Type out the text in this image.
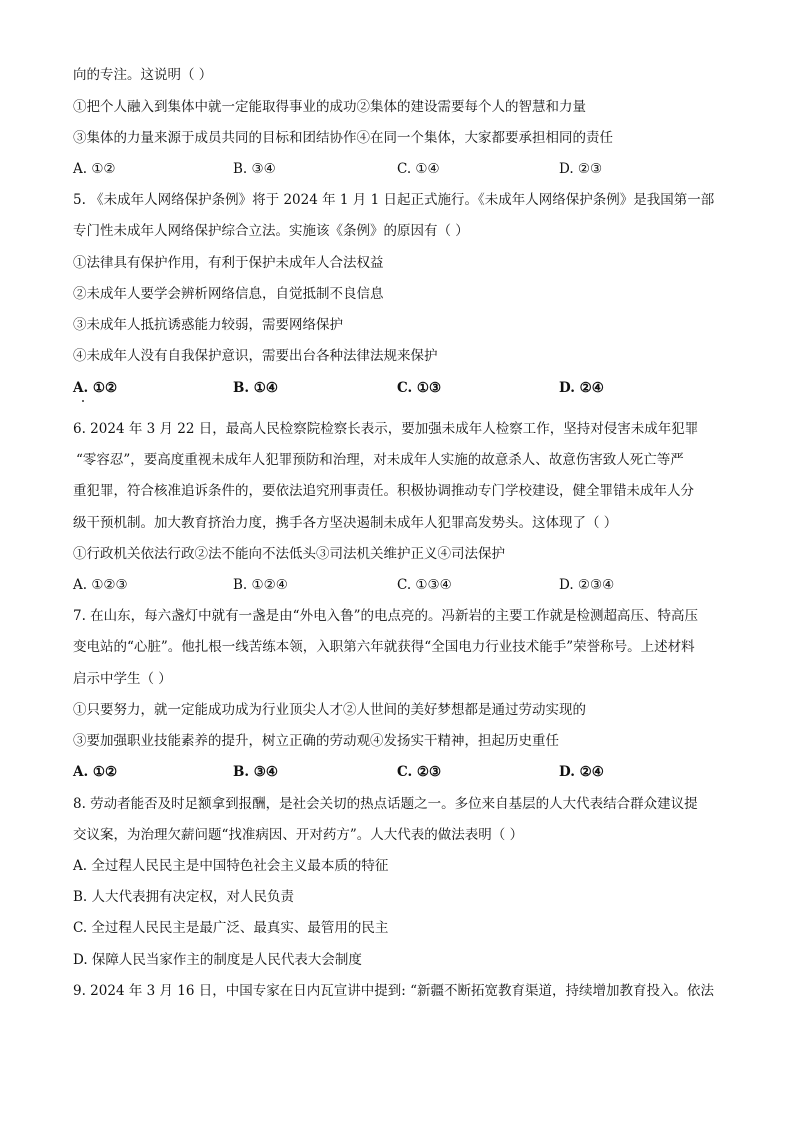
向的专注。这说明（ ）
①把个人融入到集体中就一定能取得事业的成功②集体的建设需要每个人的智慧和力量
③集体的力量来源于成员共同的目标和团结协作④在同一个集体，大家都要承担相同的责任
A. ①②	B. ③④	C. ①④	D. ②③
5. 《未成年人网络保护条例》将于 2024 年 1 月 1 日起正式施行。《未成年人网络保护条例》是我国第一部
专门性未成年人网络保护综合立法。实施该《条例》的原因有（ ）
①法律具有保护作用，有利于保护未成年人合法权益
②未成年人要学会辨析网络信息，自觉抵制不良信息
③未成年人抵抗诱惑能力较弱，需要网络保护
④未成年人没有自我保护意识，需要出台各种法律法规来保护
A. ①②	B. ①④	C. ①③	D. ②④
6. 2024 年 3 月 22 日，最高人民检察院检察长表示，要加强未成年人检察工作，坚持对侵害未成年犯罪
“零容忍”，要高度重视未成年人犯罪预防和治理，对未成年人实施的故意杀人、故意伤害致人死亡等严
重犯罪，符合核准追诉条件的，要依法追究刑事责任。积极协调推动专门学校建设，健全罪错未成年人分
级干预机制。加大教育挤治力度，携手各方坚决遏制未成年人犯罪高发势头。这体现了（ ）
①行政机关依法行政②法不能向不法低头③司法机关维护正义④司法保护
A. ①②③	B. ①②④	C. ①③④	D. ②③④
7. 在山东，每六盏灯中就有一盏是由“外电入鲁”的电点亮的。冯新岩的主要工作就是检测超高压、特高压
变电站的“心脏”。他扎根一线苦练本领，入职第六年就获得“全国电力行业技术能手”荣誉称号。上述材料
启示中学生（ ）
①只要努力，就一定能成功成为行业顶尖人才②人世间的美好梦想都是通过劳动实现的
③要加强职业技能素养的提升，树立正确的劳动观④发扬实干精神，担起历史重任
A. ①②	B. ③④	C. ②③	D. ②④
8. 劳动者能否及时足额拿到报酬，是社会关切的热点话题之一。多位来自基层的人大代表结合群众建议提
交议案，为治理欠薪问题“找准病因、开对药方”。人大代表的做法表明（ ）
A. 全过程人民民主是中国特色社会主义最本质的特征
B. 人大代表拥有决定权，对人民负责
C. 全过程人民民主是最广泛、最真实、最管用的民主
D. 保障人民当家作主的制度是人民代表大会制度
9. 2024 年 3 月 16 日，中国专家在日内瓦宣讲中提到: “新疆不断拓宽教育渠道，持续增加教育投入。依法
